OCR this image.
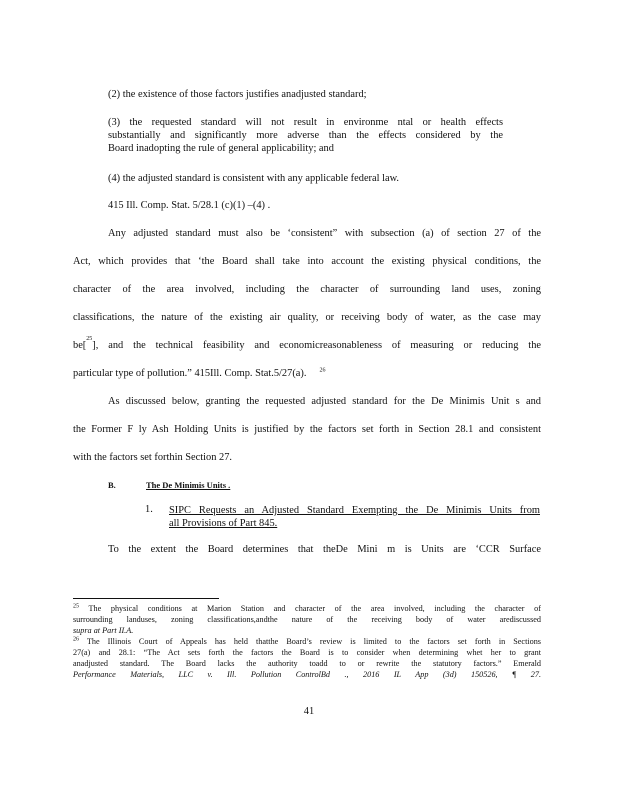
(2) the existence of those factors justifies anadjusted standard;
(3) the requested standard will not result in environme ntal or health effects
substantially and significantly more adverse than the effects considered by the
Board inadopting the rule of general applicability; and
(4) the adjusted standard is consistent with any applicable federal law.
415 Ill. Comp. Stat. 5/28.1 (c)(1) –(4) .
Any adjusted standard must also be ‘consistent” with subsection (a) of section 27 of the
Act, which provides that ‘the Board shall take into account the existing physical conditions, the
character of the area involved, including the character of surrounding land uses, zoning
classifications, the nature of the existing air quality, or receiving body of water, as the case may
be[
25
], and the technical feasibility and economicreasonableness of measuring or reducing the
particular type of pollution.” 415Ill. Comp. Stat.5/27(a). $^{26}$
As discussed below, granting the requested adjusted standard for the De Minimis Unit s and
the Former F ly Ash Holding Units is justified by the factors set forth in Section 28.1 and consistent
with the factors set forthin Section 27.
B.	The De Minimis Units .
1. SIPC Requests an Adjusted Standard Exempting the De Minimis Units from
all Provisions of Part 845.
To the extent the Board determines that theDe Mini m is Units are ‘CCR Surface
$^{25}$ The physical conditions at Marion Station and character of the area involved, including the character of
surrounding landuses, zoning classifications,andthe nature of the receiving body of water arediscussed
supra at Part II.A.
$^{26}$ The Illinois Court of Appeals has held thatthe Board’s review is limited to the factors set forth in Sections
27(a) and 28.1: “The Act sets forth the factors the Board is to consider when determining whet her to grant
anadjusted standard. The Board lacks the authority toadd to or rewrite the statutory factors.” Emerald
Performance Materials, LLC v. Ill. Pollution ControlBd ., 2016 IL App (3d) 150526, ¶ 27.
41
